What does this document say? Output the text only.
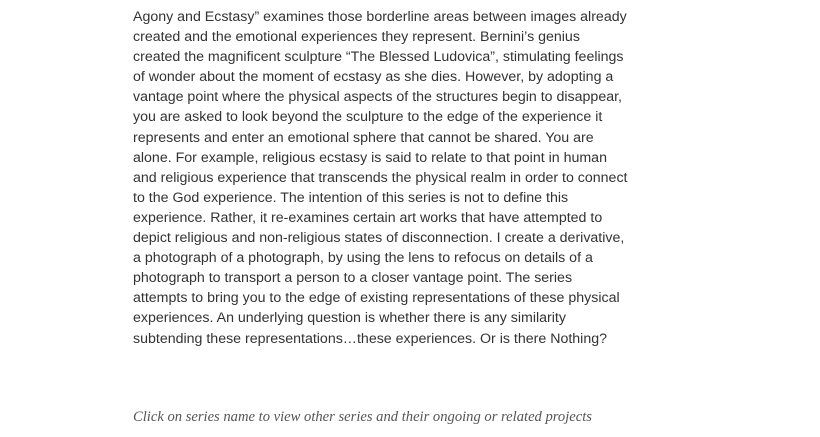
Agony and Ecstasy” examines those borderline areas between images already
created and the emotional experiences they represent. Bernini’s genius
created the magnificent sculpture “The Blessed Ludovica”, stimulating feelings
of wonder about the moment of ecstasy as she dies. However, by adopting a
vantage point where the physical aspects of the structures begin to disappear,
you are asked to look beyond the sculpture to the edge of the experience it
represents and enter an emotional sphere that cannot be shared. You are
alone. For example, religious ecstasy is said to relate to that point in human
and religious experience that transcends the physical realm in order to connect
to the God experience. The intention of this series is not to define this
experience. Rather, it re-examines certain art works that have attempted to
depict religious and non-religious states of disconnection. I create a derivative,
a photograph of a photograph, by using the lens to refocus on details of a
photograph to transport a person to a closer vantage point. The series
attempts to bring you to the edge of existing representations of these physical
experiences. An underlying question is whether there is any similarity
subtending these representations…these experiences. Or is there Nothing?

Click on series name to view other series and their ongoing or related projects
